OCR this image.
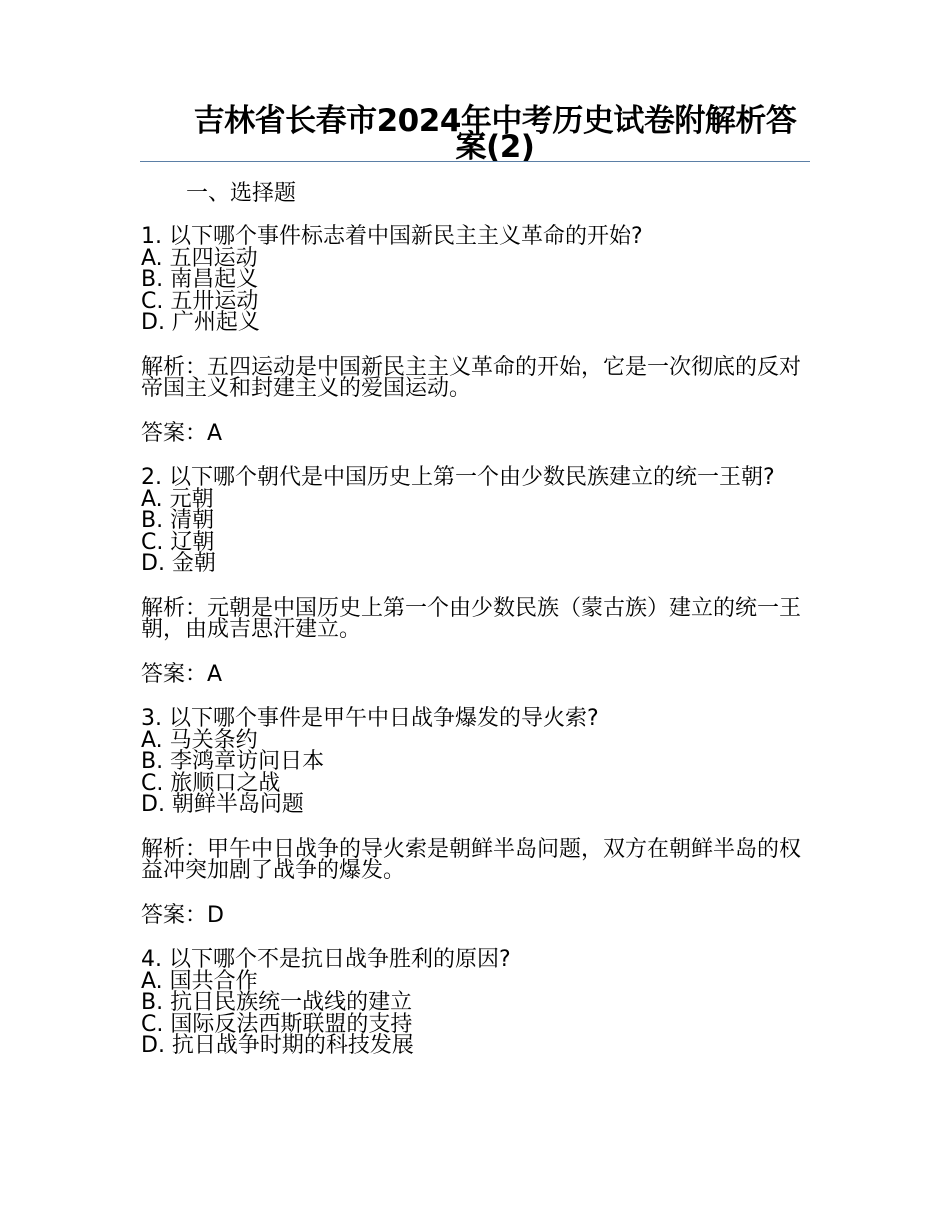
吉林省长春市2024年中考历史试卷附解析答案(2)
一、选择题
1. 以下哪个事件标志着中国新民主主义革命的开始?
A. 五四运动
B. 南昌起义
C. 五卅运动
D. 广州起义
解析：五四运动是中国新民主主义革命的开始，它是一次彻底的反对帝国主义和封建主义的爱国运动。
答案：A
2. 以下哪个朝代是中国历史上第一个由少数民族建立的统一王朝?
A. 元朝
B. 清朝
C. 辽朝
D. 金朝
解析：元朝是中国历史上第一个由少数民族（蒙古族）建立的统一王朝，由成吉思汗建立。
答案：A
3. 以下哪个事件是甲午中日战争爆发的导火索?
A. 马关条约
B. 李鸿章访问日本
C. 旅顺口之战
D. 朝鲜半岛问题
解析：甲午中日战争的导火索是朝鲜半岛问题，双方在朝鲜半岛的权益冲突加剧了战争的爆发。
答案：D
4. 以下哪个不是抗日战争胜利的原因?
A. 国共合作
B. 抗日民族统一战线的建立
C. 国际反法西斯联盟的支持
D. 抗日战争时期的科技发展
